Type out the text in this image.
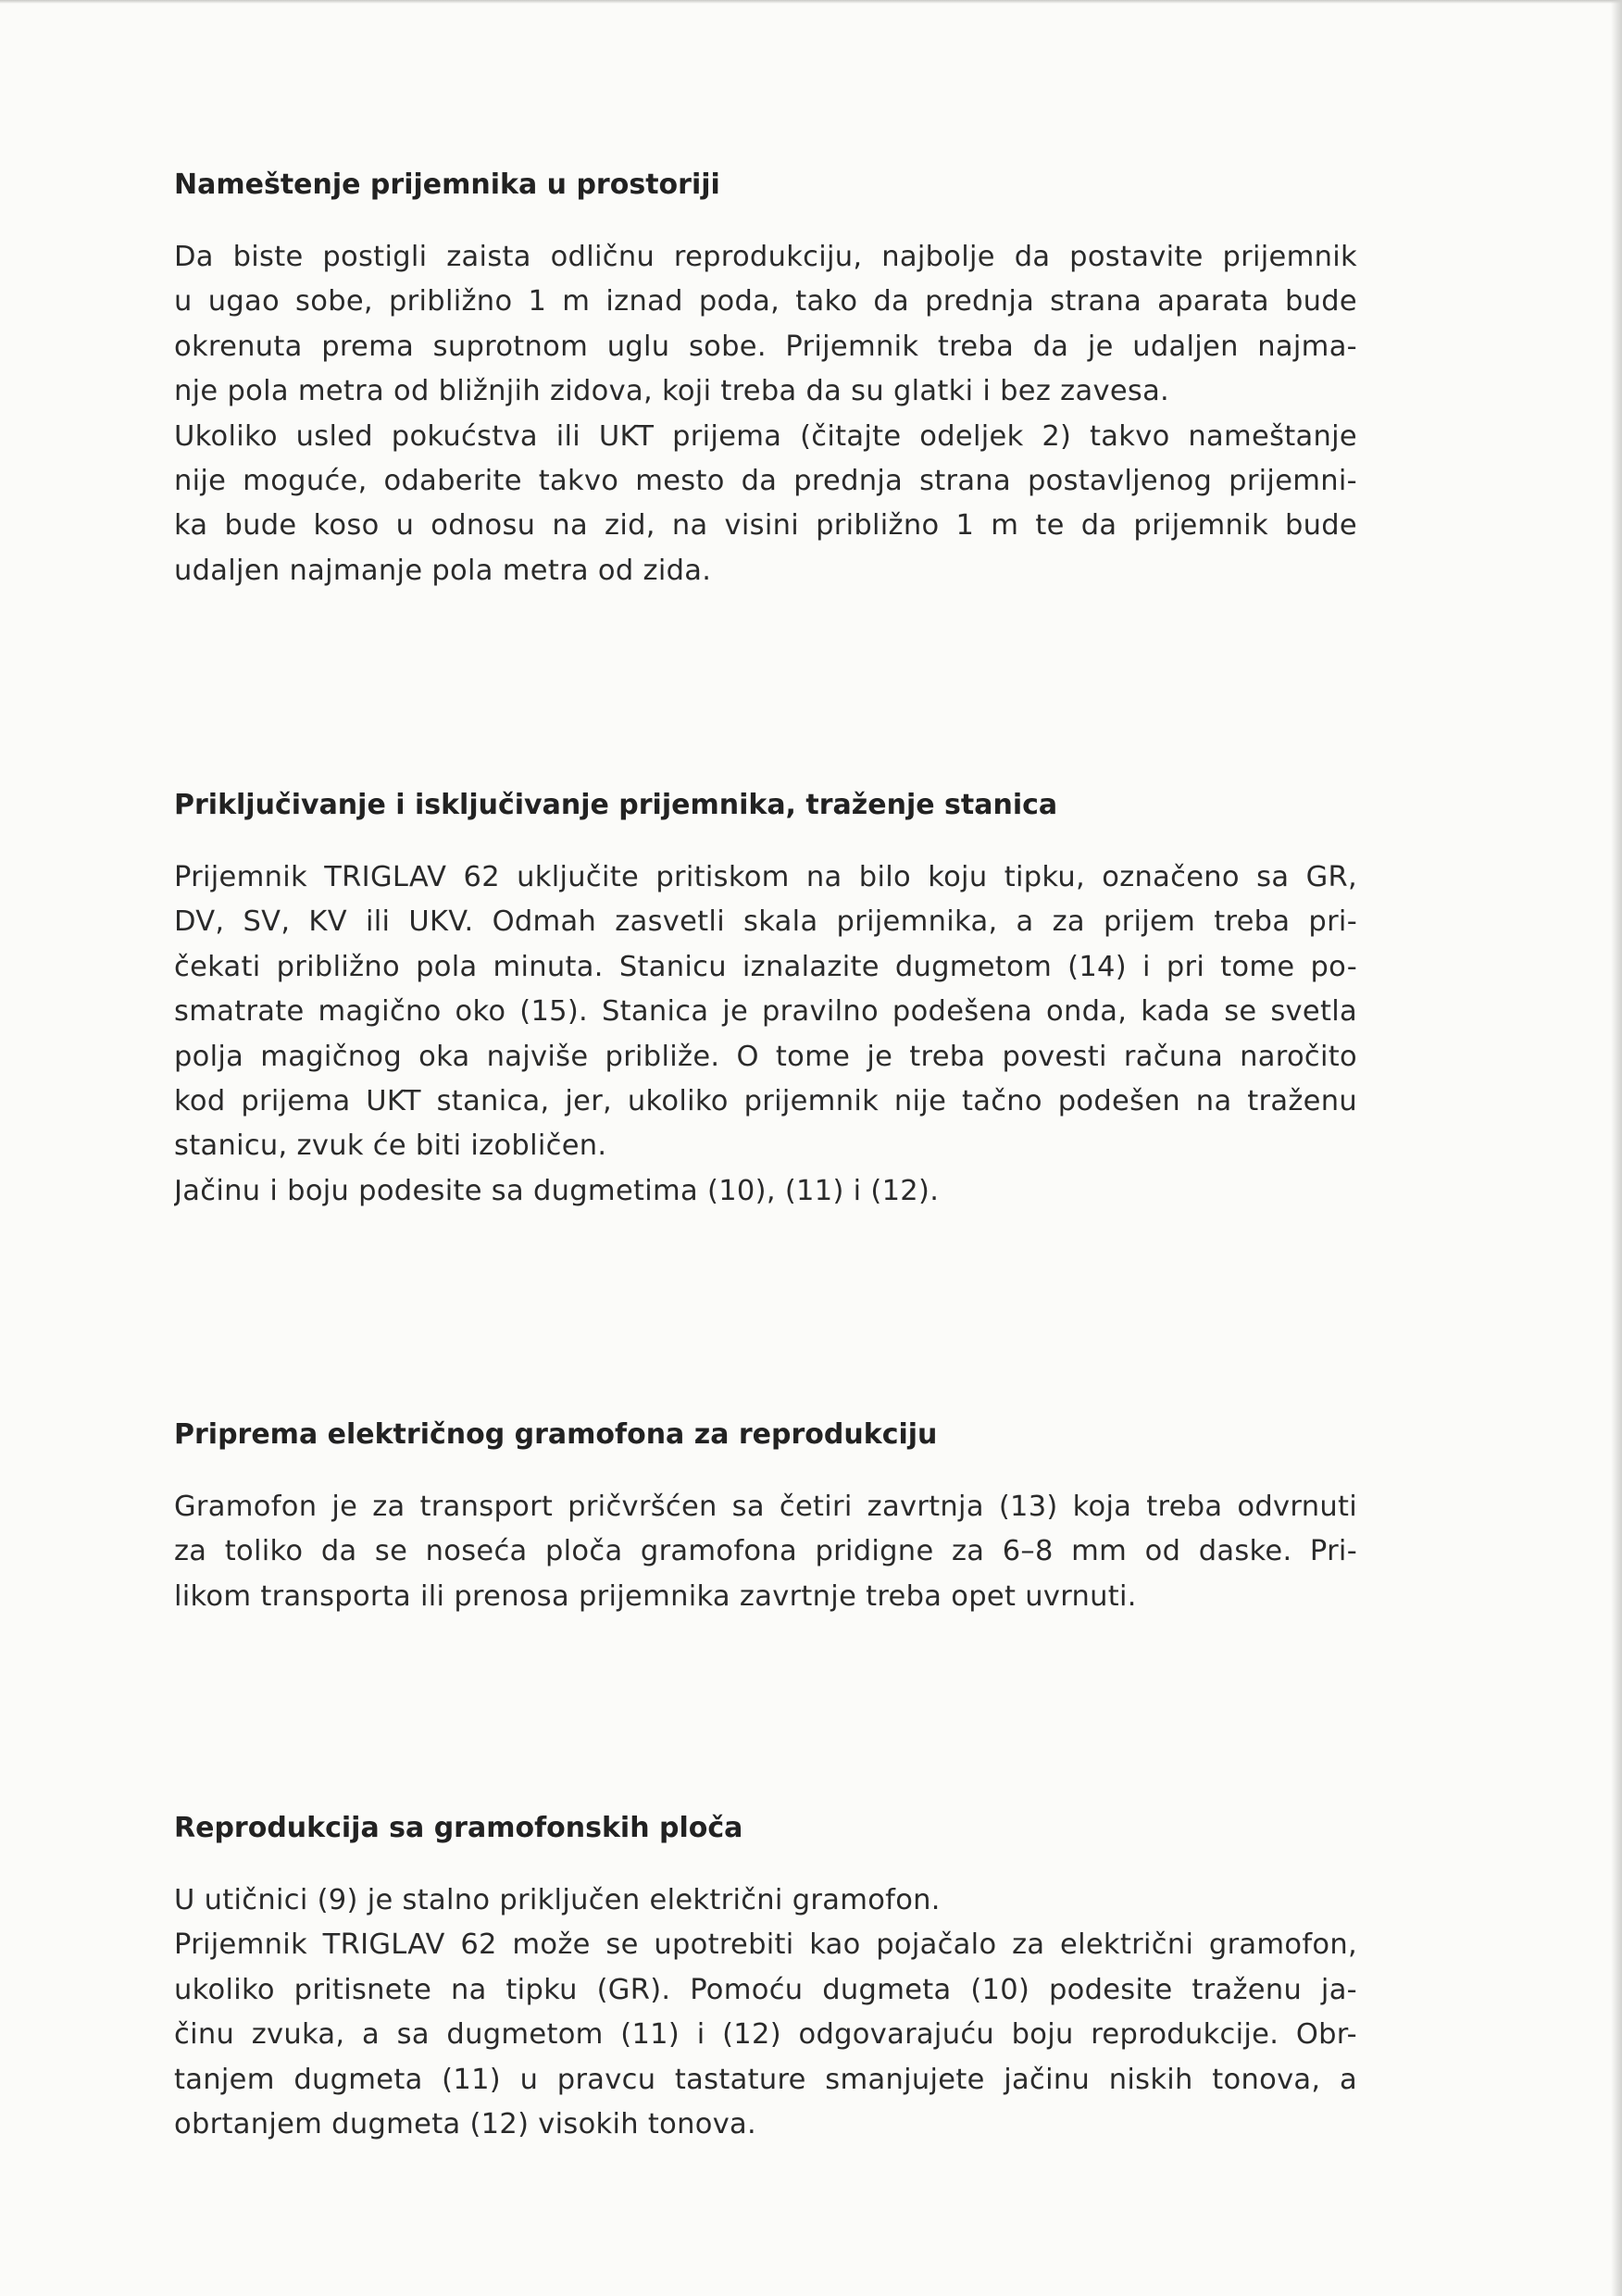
Nameštenje prijemnika u prostoriji

Da biste postigli zaista odličnu reprodukciju, najbolje da postavite prijemnik
u ugao sobe, približno 1 m iznad poda, tako da prednja strana aparata bude
okrenuta prema suprotnom uglu sobe. Prijemnik treba da je udaljen najma-
nje pola metra od bližnjih zidova, koji treba da su glatki i bez zavesa.
Ukoliko usled pokućstva ili UKT prijema (čitajte odeljek 2) takvo nameštanje
nije moguće, odaberite takvo mesto da prednja strana postavljenog prijemni-
ka bude koso u odnosu na zid, na visini približno 1 m te da prijemnik bude
udaljen najmanje pola metra od zida.

Priključivanje i isključivanje prijemnika, traženje stanica

Prijemnik TRIGLAV 62 uključite pritiskom na bilo koju tipku, označeno sa GR,
DV, SV, KV ili UKV. Odmah zasvetli skala prijemnika, a za prijem treba pri-
čekati približno pola minuta. Stanicu iznalazite dugmetom (14) i pri tome po-
smatrate magično oko (15). Stanica je pravilno podešena onda, kada se svetla
polja magičnog oka najviše približe. O tome je treba povesti računa naročito
kod prijema UKT stanica, jer, ukoliko prijemnik nije tačno podešen na traženu
stanicu, zvuk će biti izobličen.
Jačinu i boju podesite sa dugmetima (10), (11) i (12).

Priprema električnog gramofona za reprodukciju

Gramofon je za transport pričvršćen sa četiri zavrtnja (13) koja treba odvrnuti
za toliko da se noseća ploča gramofona pridigne za 6–8 mm od daske. Pri-
likom transporta ili prenosa prijemnika zavrtnje treba opet uvrnuti.

Reprodukcija sa gramofonskih ploča

U utičnici (9) je stalno priključen električni gramofon.
Prijemnik TRIGLAV 62 može se upotrebiti kao pojačalo za električni gramofon,
ukoliko pritisnete na tipku (GR). Pomoću dugmeta (10) podesite traženu ja-
činu zvuka, a sa dugmetom (11) i (12) odgovarajuću boju reprodukcije. Obr-
tanjem dugmeta (11) u pravcu tastature smanjujete jačinu niskih tonova, a
obrtanjem dugmeta (12) visokih tonova.
